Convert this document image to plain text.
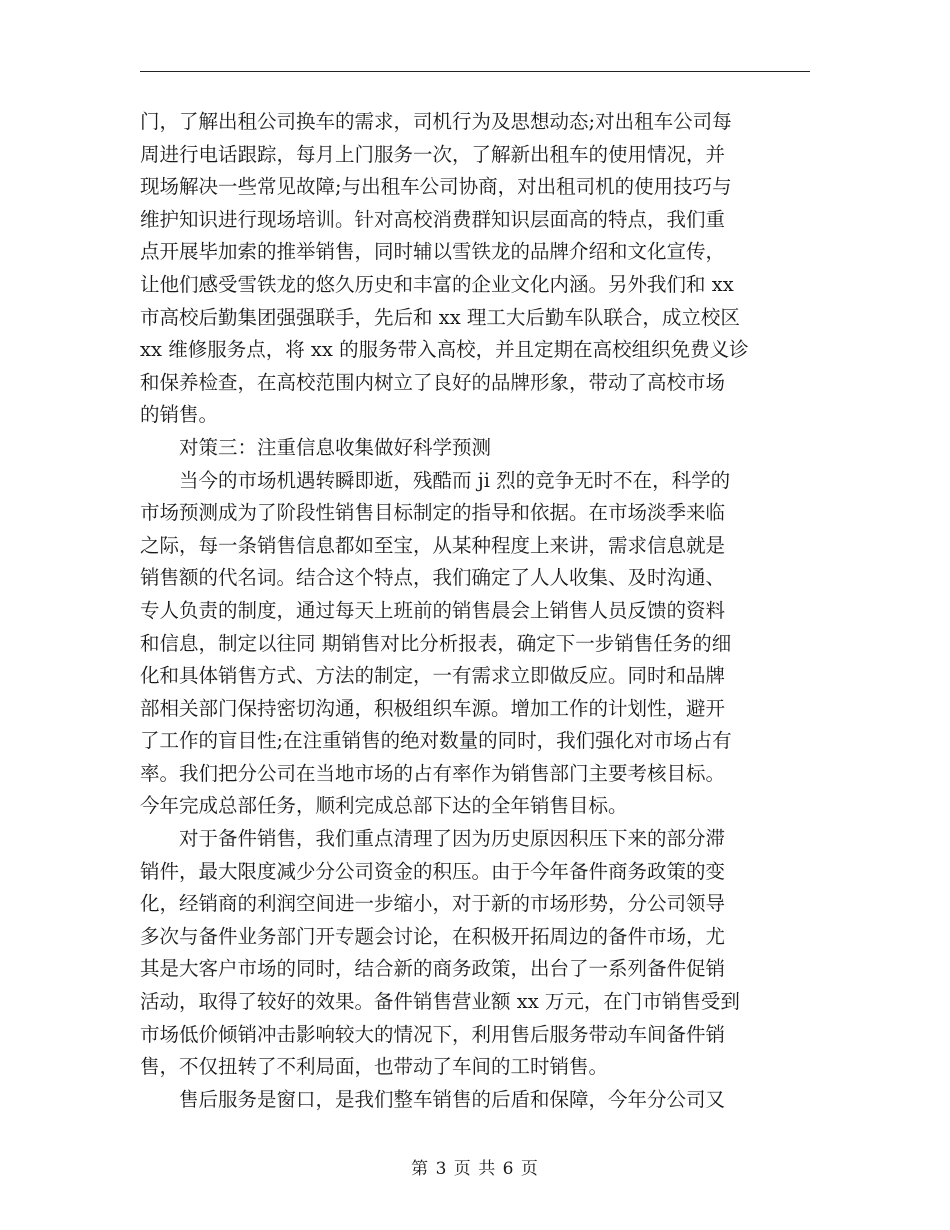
门，了解出租公司换车的需求，司机行为及思想动态;对出租车公司每
周进行电话跟踪，每月上门服务一次，了解新出租车的使用情况，并
现场解决一些常见故障;与出租车公司协商，对出租司机的使用技巧与
维护知识进行现场培训。针对高校消费群知识层面高的特点，我们重
点开展毕加索的推举销售，同时辅以雪铁龙的品牌介绍和文化宣传，
让他们感受雪铁龙的悠久历史和丰富的企业文化内涵。另外我们和 xx
市高校后勤集团强强联手，先后和 xx 理工大后勤车队联合，成立校区
xx 维修服务点，将 xx 的服务带入高校，并且定期在高校组织免费义诊
和保养检查，在高校范围内树立了良好的品牌形象，带动了高校市场
的销售。
　　对策三：注重信息收集做好科学预测
　　当今的市场机遇转瞬即逝，残酷而 ji 烈的竞争无时不在，科学的
市场预测成为了阶段性销售目标制定的指导和依据。在市场淡季来临
之际，每一条销售信息都如至宝，从某种程度上来讲，需求信息就是
销售额的代名词。结合这个特点，我们确定了人人收集、及时沟通、
专人负责的制度，通过每天上班前的销售晨会上销售人员反馈的资料
和信息，制定以往同 期销售对比分析报表，确定下一步销售任务的细
化和具体销售方式、方法的制定，一有需求立即做反应。同时和品牌
部相关部门保持密切沟通，积极组织车源。增加工作的计划性，避开
了工作的盲目性;在注重销售的绝对数量的同时，我们强化对市场占有
率。我们把分公司在当地市场的占有率作为销售部门主要考核目标。
今年完成总部任务，顺利完成总部下达的全年销售目标。
　　对于备件销售，我们重点清理了因为历史原因积压下来的部分滞
销件，最大限度减少分公司资金的积压。由于今年备件商务政策的变
化，经销商的利润空间进一步缩小，对于新的市场形势，分公司领导
多次与备件业务部门开专题会讨论，在积极开拓周边的备件市场，尤
其是大客户市场的同时，结合新的商务政策，出台了一系列备件促销
活动，取得了较好的效果。备件销售营业额 xx 万元，在门市销售受到
市场低价倾销冲击影响较大的情况下，利用售后服务带动车间备件销
售，不仅扭转了不利局面，也带动了车间的工时销售。
　　售后服务是窗口，是我们整车销售的后盾和保障，今年分公司又
第 3 页 共 6 页
